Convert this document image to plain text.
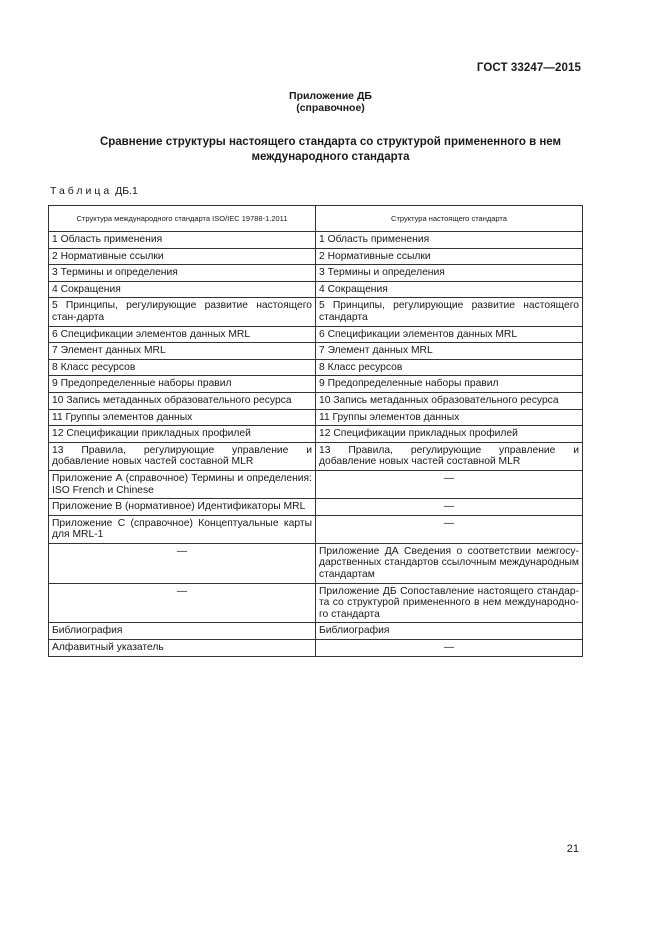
ГОСТ 33247—2015
Приложение ДБ
(справочное)
Сравнение структуры настоящего стандарта со структурой примененного в нем
международного стандарта
Таблица ДБ.1
Структура международного стандарта ISO/IEC 19788-1.2011	Структура настоящего стандарта
1 Область применения	1 Область применения
2 Нормативные ссылки	2 Нормативные ссылки
3 Термины и определения	3 Термины и определения
4 Сокращения	4 Сокращения
5 Принципы, регулирующие развитие настоящего стан-дарта	5 Принципы, регулирующие развитие настоящего стандарта
6 Спецификации элементов данных MRL	6 Спецификации элементов данных MRL
7 Элемент данных MRL	7 Элемент данных MRL
8 Класс ресурсов	8 Класс ресурсов
9 Предопределенные наборы правил	9 Предопределенные наборы правил
10 Запись метаданных образовательного ресурса	10 Запись метаданных образовательного ресурса
11 Группы элементов данных	11 Группы элементов данных
12 Спецификации прикладных профилей	12 Спецификации прикладных профилей
13 Правила, регулирующие управление и добавление новых частей составной MLR	13 Правила, регулирующие управление и добавление новых частей составной MLR
Приложение А (справочное) Термины и определения: ISO French и Chinese	—
Приложение В (нормативное) Идентификаторы MRL	—
Приложение С (справочное) Концептуальные карты для MRL-1	—
—	Приложение ДА Сведения о соответствии межгосу-дарственных стандартов ссылочным международным стандартам
—	Приложение ДБ Сопоставление настоящего стандар-та со структурой примененного в нем международно-го стандарта
Библиография	Библиография
Алфавитный указатель	—
21
